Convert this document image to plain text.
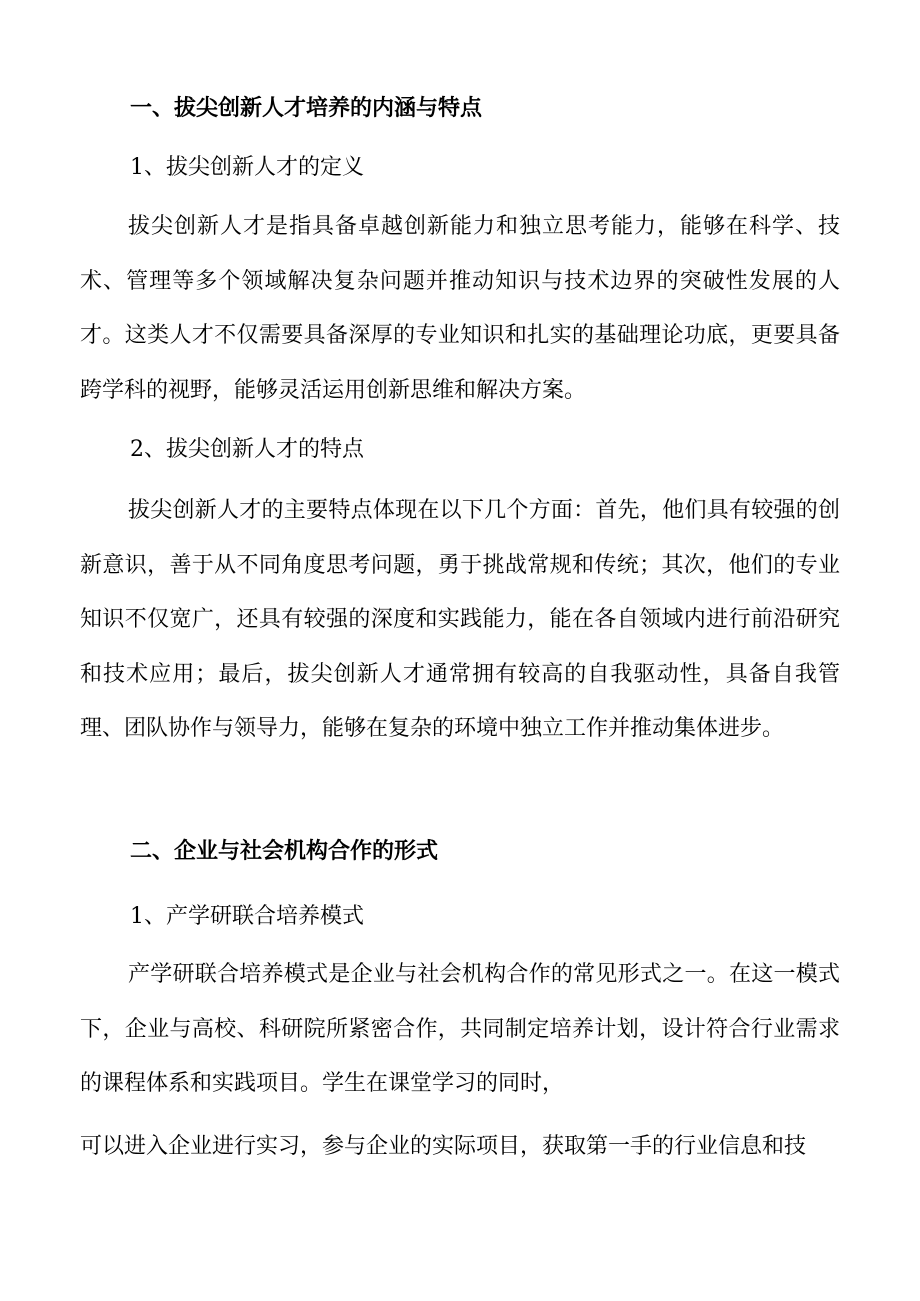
一、拔尖创新人才培养的内涵与特点
1、拔尖创新人才的定义

拔尖创新人才是指具备卓越创新能力和独立思考能力，能够在科学、技术、管理等多个领域解决复杂问题并推动知识与技术边界的突破性发展的人才。这类人才不仅需要具备深厚的专业知识和扎实的基础理论功底，更要具备跨学科的视野，能够灵活运用创新思维和解决方案。

2、拔尖创新人才的特点

拔尖创新人才的主要特点体现在以下几个方面：首先，他们具有较强的创新意识，善于从不同角度思考问题，勇于挑战常规和传统；其次，他们的专业知识不仅宽广，还具有较强的深度和实践能力，能在各自领域内进行前沿研究和技术应用；最后，拔尖创新人才通常拥有较高的自我驱动性，具备自我管理、团队协作与领导力，能够在复杂的环境中独立工作并推动集体进步。

二、企业与社会机构合作的形式
1、产学研联合培养模式

产学研联合培养模式是企业与社会机构合作的常见形式之一。在这一模式下，企业与高校、科研院所紧密合作，共同制定培养计划，设计符合行业需求的课程体系和实践项目。学生在课堂学习的同时，

可以进入企业进行实习，参与企业的实际项目，获取第一手的行业信息和技
